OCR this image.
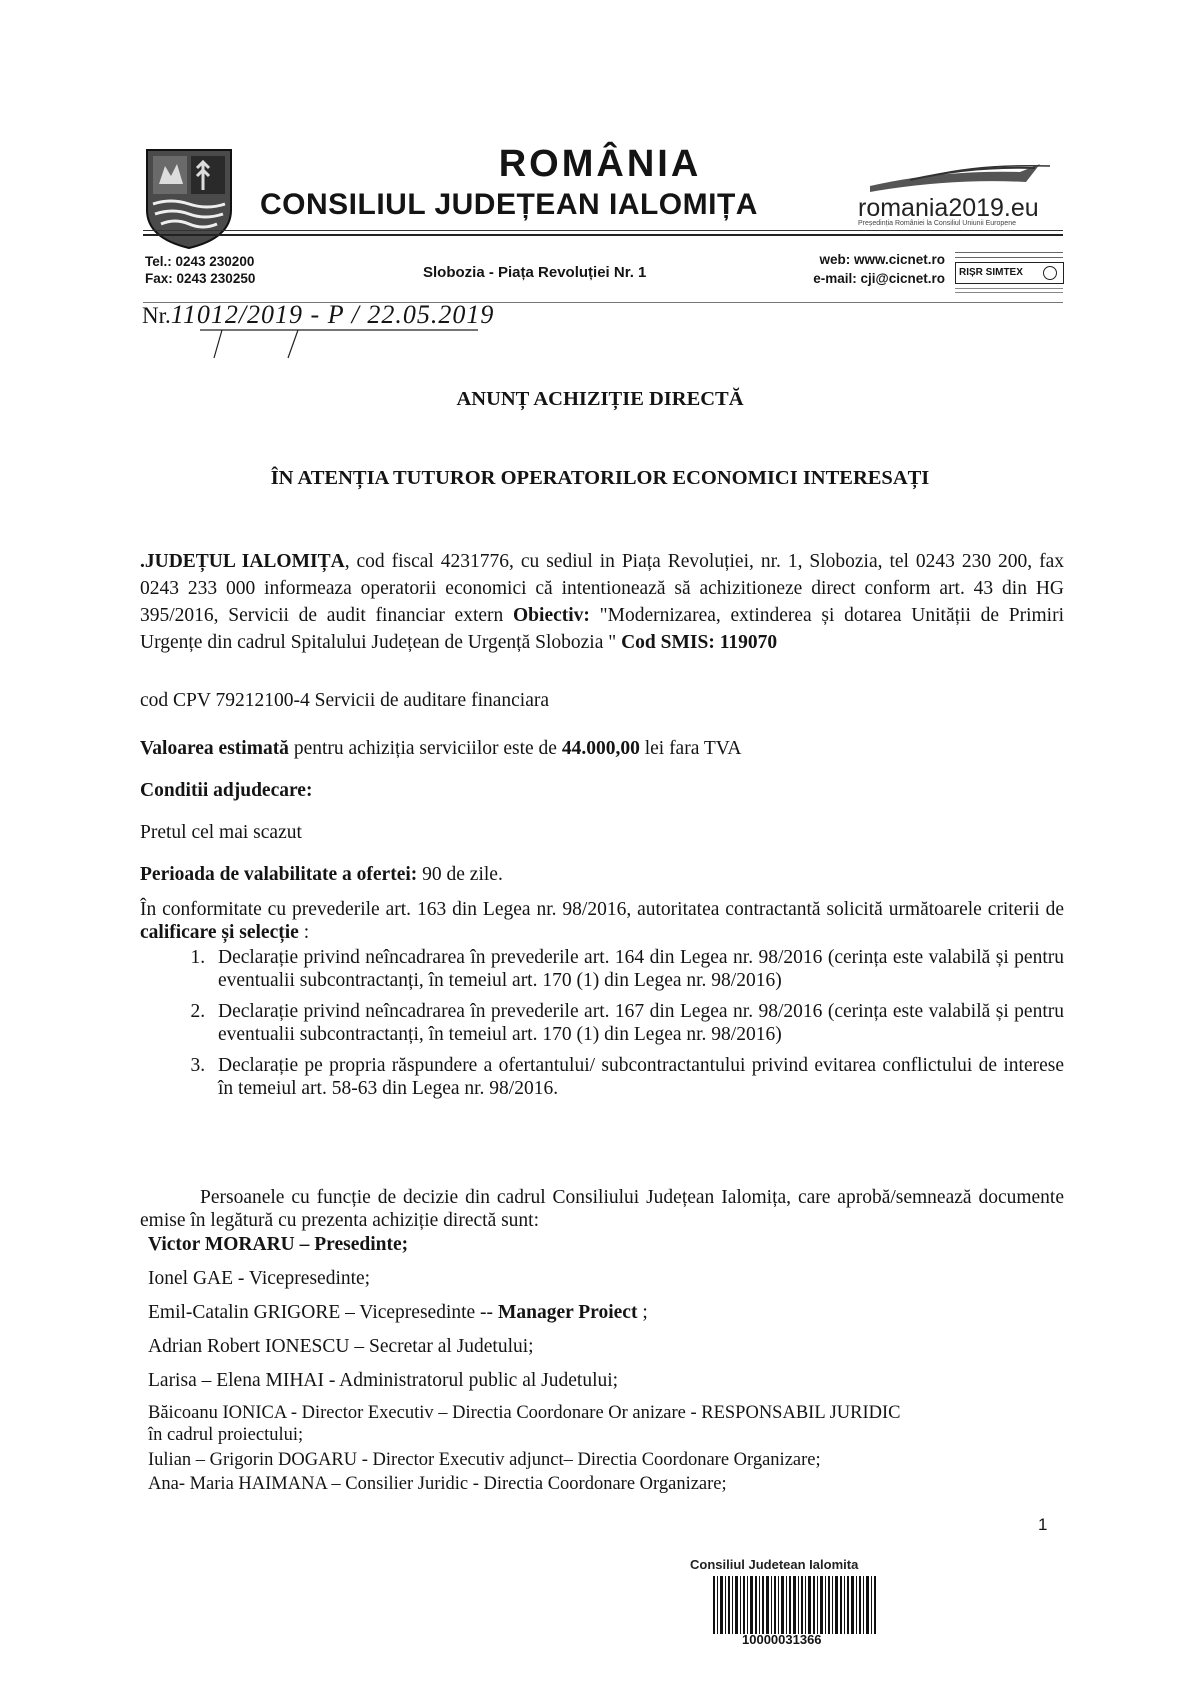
ROMÂNIA
CONSILIUL JUDEȚEAN IALOMIȚA	romania2019.eu
Președinția României la Consiliul Uniunii Europene
Tel.: 0243 230200
Fax: 0243 230250	Slobozia - Piața Revoluției Nr. 1
web: www.cicnet.ro
e-mail: cji@cicnet.ro	RIȘR SIMTEX
Nr.11012/2019 - P / 22.05.2019
ANUNȚ ACHIZIȚIE DIRECTĂ
ÎN ATENȚIA TUTUROR OPERATORILOR ECONOMICI INTERESAȚI
.JUDEȚUL IALOMIȚA, cod fiscal 4231776, cu sediul in Piața Revoluției, nr. 1, Slobozia, tel 0243 230 200, fax 0243 233 000 informeaza operatorii economici că intentionează să achizitioneze direct conform art. 43 din HG 395/2016, Servicii de audit financiar extern Obiectiv: "Modernizarea, extinderea și dotarea Unității de Primiri Urgențe din cadrul Spitalului Județean de Urgență Slobozia " Cod SMIS: 119070
cod CPV 79212100-4 Servicii de auditare financiara
Valoarea estimată pentru achiziția serviciilor este de 44.000,00 lei fara TVA
Conditii adjudecare:
Pretul cel mai scazut
Perioada de valabilitate a ofertei: 90 de zile.
În conformitate cu prevederile art. 163 din Legea nr. 98/2016, autoritatea contractantă solicită următoarele criterii de calificare și selecție :
1. Declarație privind neîncadrarea în prevederile art. 164 din Legea nr. 98/2016 (cerința este valabilă și pentru eventualii subcontractanți, în temeiul art. 170 (1) din Legea nr. 98/2016)
2. Declarație privind neîncadrarea în prevederile art. 167 din Legea nr. 98/2016 (cerința este valabilă și pentru eventualii subcontractanți, în temeiul art. 170 (1) din Legea nr. 98/2016)
3. Declarație pe propria răspundere a ofertantului/ subcontractantului privind evitarea conflictului de interese în temeiul art. 58-63 din Legea nr. 98/2016.
Persoanele cu funcție de decizie din cadrul Consiliului Județean Ialomița, care aprobă/semnează documente emise în legătură cu prezenta achiziție directă sunt:
Victor MORARU – Presedinte;
Ionel GAE - Vicepresedinte;
Emil-Catalin GRIGORE – Vicepresedinte -- Manager Proiect ;
Adrian Robert IONESCU – Secretar al Judetului;
Larisa – Elena MIHAI - Administratorul public al Judetului;
Băicoanu IONICA - Director Executiv – Directia Coordonare Or anizare - RESPONSABIL JURIDIC
în cadrul proiectului;
Iulian – Grigorin DOGARU - Director Executiv adjunct– Directia Coordonare Organizare;
Ana- Maria HAIMANA – Consilier Juridic - Directia Coordonare Organizare;
1
Consiliul Judetean Ialomita
10000031366
